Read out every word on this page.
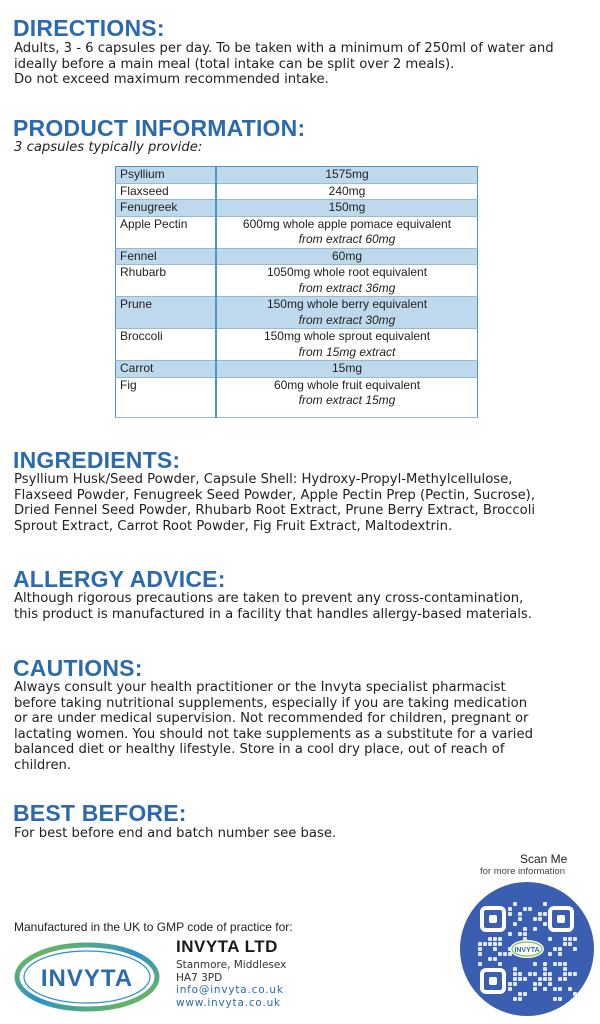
DIRECTIONS:
Adults, 3 - 6 capsules per day. To be taken with a minimum of 250ml of water and
ideally before a main meal (total intake can be split over 2 meals).
Do not exceed maximum recommended intake.
PRODUCT INFORMATION:
3 capsules typically provide:
Psyllium	1575mg
Flaxseed	240mg
Fenugreek	150mg
Apple Pectin	600mg whole apple pomace equivalent
from extract 60mg

Fennel	60mg
Rhubarb	1050mg whole root equivalent
from extract 36mg

Prune	150mg whole berry equivalent
from extract 30mg

Broccoli	150mg whole sprout equivalent
from 15mg extract

Carrot	15mg
Fig	60mg whole fruit equivalent
from extract 15mg
INGREDIENTS:
Psyllium Husk/Seed Powder, Capsule Shell: Hydroxy-Propyl-Methylcellulose,
Flaxseed Powder, Fenugreek Seed Powder, Apple Pectin Prep (Pectin, Sucrose),
Dried Fennel Seed Powder, Rhubarb Root Extract, Prune Berry Extract, Broccoli
Sprout Extract, Carrot Root Powder, Fig Fruit Extract, Maltodextrin.
ALLERGY ADVICE:
Although rigorous precautions are taken to prevent any cross-contamination,
this product is manufactured in a facility that handles allergy-based materials.
CAUTIONS:
Always consult your health practitioner or the Invyta specialist pharmacist
before taking nutritional supplements, especially if you are taking medication
or are under medical supervision. Not recommended for children, pregnant or
lactating women. You should not take supplements as a substitute for a varied
balanced diet or healthy lifestyle. Store in a cool dry place, out of reach of
children.
BEST BEFORE:
For best before end and batch number see base.
Manufactured in the UK to GMP code of practice for:
INVYTA
INVYTA LTD
Stanmore, Middlesex
HA7 3PD
info@invyta.co.uk
www.invyta.co.uk
Scan Me
for more information
INVYTA
